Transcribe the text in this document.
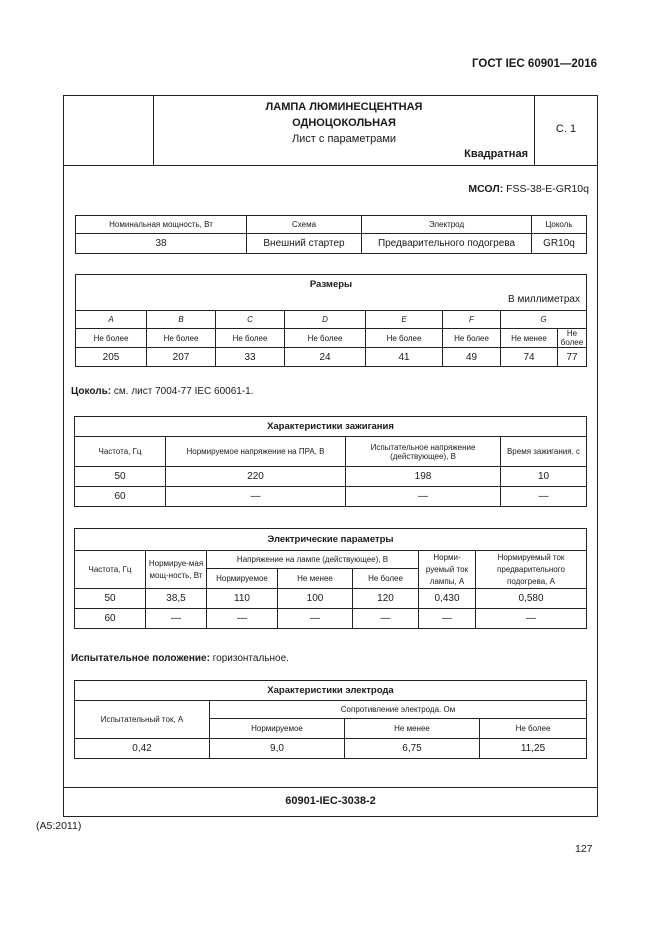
ГОСТ IEC 60901—2016
ЛАМПА ЛЮМИНЕСЦЕНТНАЯ
ОДНОЦОКОЛЬНАЯ
Лист с параметрами
Квадратная
С. 1
МСОЛ: FSS-38-E-GR10q
Номинальная мощность, Вт	Схема	Электрод	Цоколь
38	Внешний стартер	Предварительного подогрева	GR10q
Размеры
В миллиметрах							

A	B	C	D	E	F	G	
Не более	Не более	Не более	Не более	Не более	Не более	Не менее	Не более
205	207	33	24	41	49	74	77
Цоколь: см. лист 7004-77 IEC 60061-1.
Характеристики зажигания			
Частота, Гц	Нормируемое напряжение на ПРА, В	Испытательное напряжение (действующее), В	Время зажигания, с
50	220	198	10
60	—	—	—
Электрические параметры						
Частота, Гц	Нормируе-мая мощ-ность, Вт	Напряжение на лампе (действующее), В			Норми-руемый ток лампы, А	Нормируемый ток предварительного подогрева, А
		Нормируемое	Не менее	Не более		
50	38,5	110	100	120	0,430	0,580
60	—	—	—	—	—	—
Испытательное положение: горизонтальное.
Характеристики электрода			
Испытательный ток, А	Сопротивление электрода. Ом		
	Нормируемое	Не менее	Не более
0,42	9,0	6,75	11,25
60901-IEC-3038-2
(A5:2011)
127
